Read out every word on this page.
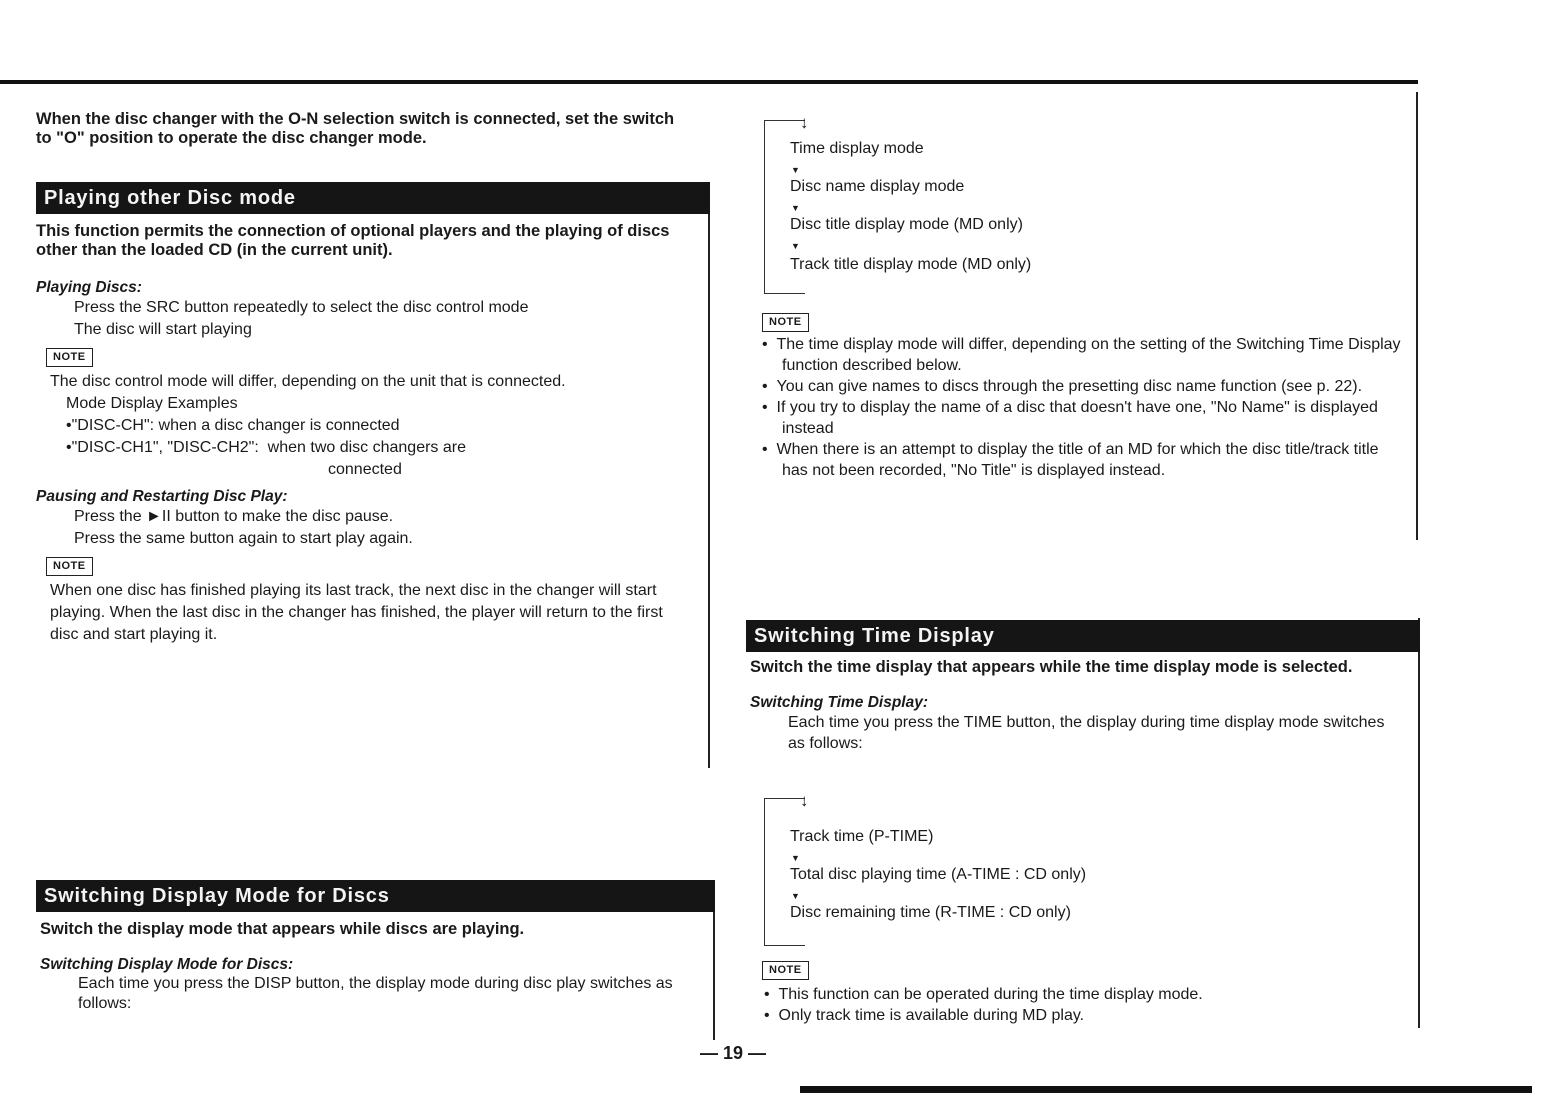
When the disc changer with the O-N selection switch is connected, set the switch to "O" position to operate the disc changer mode.

Playing other Disc mode

This function permits the connection of optional players and the playing of discs other than the loaded CD (in the current unit).

Playing Discs:

Press the SRC button repeatedly to select the disc control mode

The disc will start playing

NOTE

The disc control mode will differ, depending on the unit that is connected.

Mode Display Examples

•"DISC-CH": when a disc changer is connected

•"DISC-CH1", "DISC-CH2": when two disc changers are

connected

Pausing and Restarting Disc Play:

Press the ►II button to make the disc pause.

Press the same button again to start play again.

NOTE

When one disc has finished playing its last track, the next disc in the changer will start playing. When the last disc in the changer has finished, the player will return to the first disc and start playing it.

Switching Display Mode for Discs

Switch the display mode that appears while discs are playing.

Switching Display Mode for Discs:

Each time you press the DISP button, the display mode during disc play switches as follows:

↓
Time display mode
▼
Disc name display mode
▼
Disc title display mode (MD only)
▼
Track title display mode (MD only)
NOTE

•  The time display mode will differ, depending on the setting of the Switching Time Display function described below.

•  You can give names to discs through the presetting disc name function (see p. 22).

•  If you try to display the name of a disc that doesn't have one, "No Name" is displayed instead

•  When there is an attempt to display the title of an MD for which the disc title/track title has not been recorded, "No Title" is displayed instead.

Switching Time Display

Switch the time display that appears while the time display mode is selected.

Switching Time Display:

Each time you press the TIME button, the display during time display mode switches as follows:

↓
Track time (P-TIME)
▼
Total disc playing time (A-TIME : CD only)
▼
Disc remaining time (R-TIME : CD only)
NOTE

•  This function can be operated during the time display mode.

•  Only track time is available during MD play.

— 19 —
